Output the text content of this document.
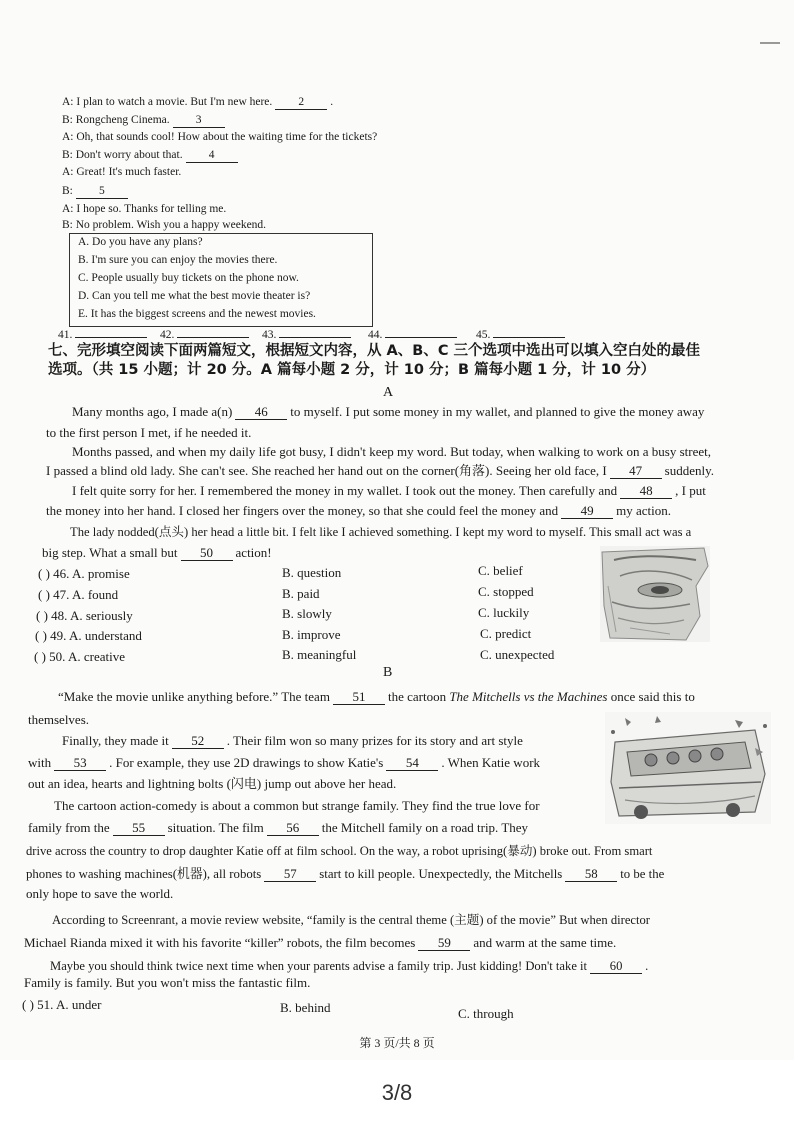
A: I plan to watch a movie. But I'm new here. 2 .
B: Rongcheng Cinema. 3
A: Oh, that sounds cool! How about the waiting time for the tickets?
B: Don't worry about that. 4
A: Great! It's much faster.
B: 5
A: I hope so. Thanks for telling me.
B: No problem. Wish you a happy weekend.
A. Do you have any plans?
B. I'm sure you can enjoy the movies there.
C. People usually buy tickets on the phone now.
D. Can you tell me what the best movie theater is?
E. It has the biggest screens and the newest movies.
41.	42.	43.	44.	45.
七、完形填空阅读下面两篇短文，根据短文内容，从 A、B、C 三个选项中选出可以填入空白处的最佳
选项。（共 15 小题；计 20 分。A 篇每小题 2 分，计 10 分；B 篇每小题 1 分，计 10 分）
A
Many months ago, I made a(n) 46 to myself. I put some money in my wallet, and planned to give the money away
to the first person I met, if he needed it.
Months passed, and when my daily life got busy, I didn't keep my word. But today, when walking to work on a busy street,
I passed a blind old lady. She can't see. She reached her hand out on the corner(角落). Seeing her old face, I 47 suddenly.
I felt quite sorry for her. I remembered the money in my wallet. I took out the money. Then carefully and 48 , I put
the money into her hand. I closed her fingers over the money, so that she could feel the money and 49 my action.
The lady nodded(点头) her head a little bit. I felt like I achieved something. I kept my word to myself. This small act was a
big step. What a small but 50 action!
( ) 46. A. promise	B. question	C. belief
( ) 47. A. found	B. paid	C. stopped
( ) 48. A. seriously	B. slowly	C. luckily
( ) 49. A. understand	B. improve	C. predict
( ) 50. A. creative	B. meaningful	C. unexpected
B
“Make the movie unlike anything before.” The team 51 the cartoon The Mitchells vs the Machines once said this to
themselves.
Finally, they made it 52 . Their film won so many prizes for its story and art style
with 53 . For example, they use 2D drawings to show Katie's 54 . When Katie work
out an idea, hearts and lightning bolts (闪电) jump out above her head.
The cartoon action-comedy is about a common but strange family. They find the true love for
family from the 55 situation. The film 56 the Mitchell family on a road trip. They
drive across the country to drop daughter Katie off at film school. On the way, a robot uprising(暴动) broke out. From smart
phones to washing machines(机器), all robots 57 start to kill people. Unexpectedly, the Mitchells 58 to be the
only hope to save the world.
According to Screenrant, a movie review website, “family is the central theme (主题) of the movie” But when director
Michael Rianda mixed it with his favorite “killer” robots, the film becomes 59 and warm at the same time.
Maybe you should think twice next time when your parents advise a family trip. Just kidding! Don't take it 60 .
Family is family. But you won't miss the fantastic film.
( ) 51. A. under	B. behind	C. through
第 3 页/共 8 页
3/8
